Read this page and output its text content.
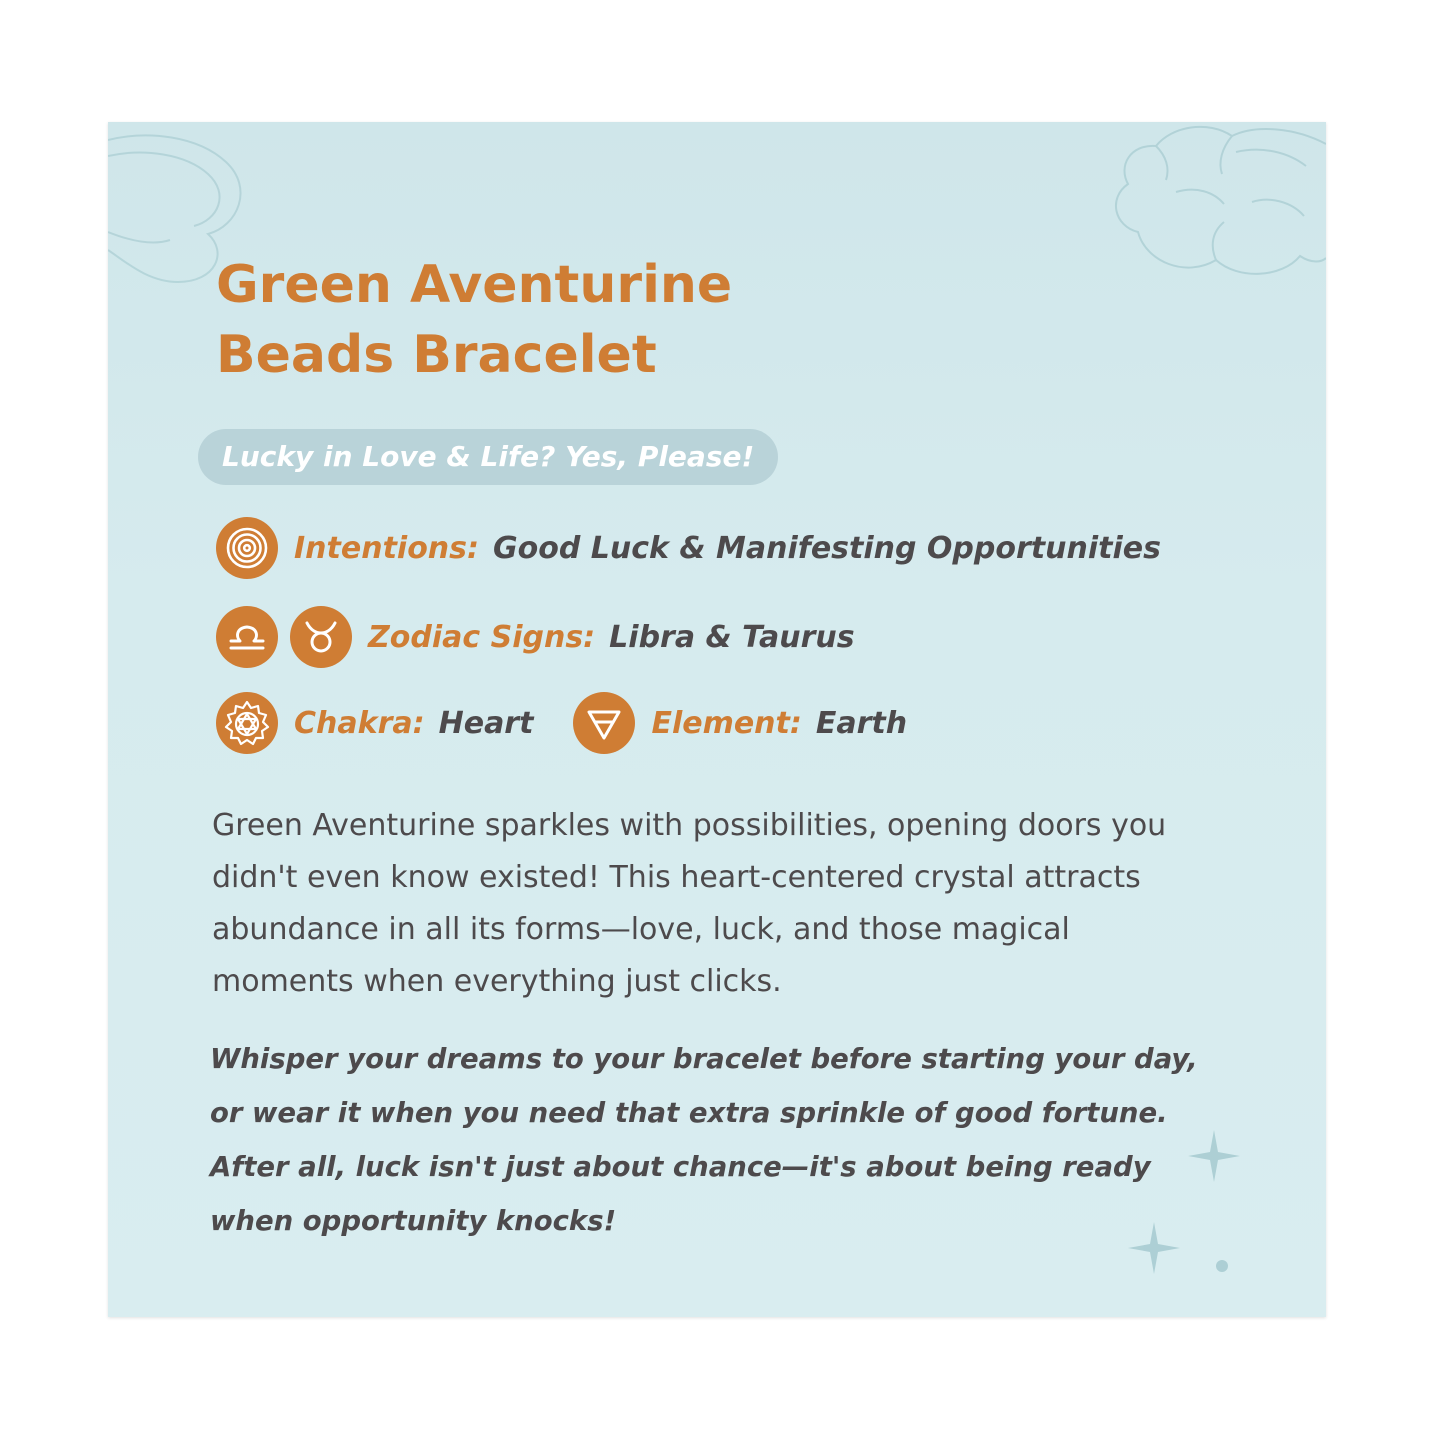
Green Aventurine
Beads Bracelet
Lucky in Love & Life? Yes, Please!
Intentions: Good Luck & Manifesting Opportunities
Zodiac Signs: Libra & Taurus
Chakra: Heart	Element: Earth

Green Aventurine sparkles with possibilities, opening doors you didn't even know existed! This heart-centered crystal attracts abundance in all its forms—love, luck, and those magical moments when everything just clicks.

Whisper your dreams to your bracelet before starting your day, or wear it when you need that extra sprinkle of good fortune. After all, luck isn't just about chance—it's about being ready when opportunity knocks!
